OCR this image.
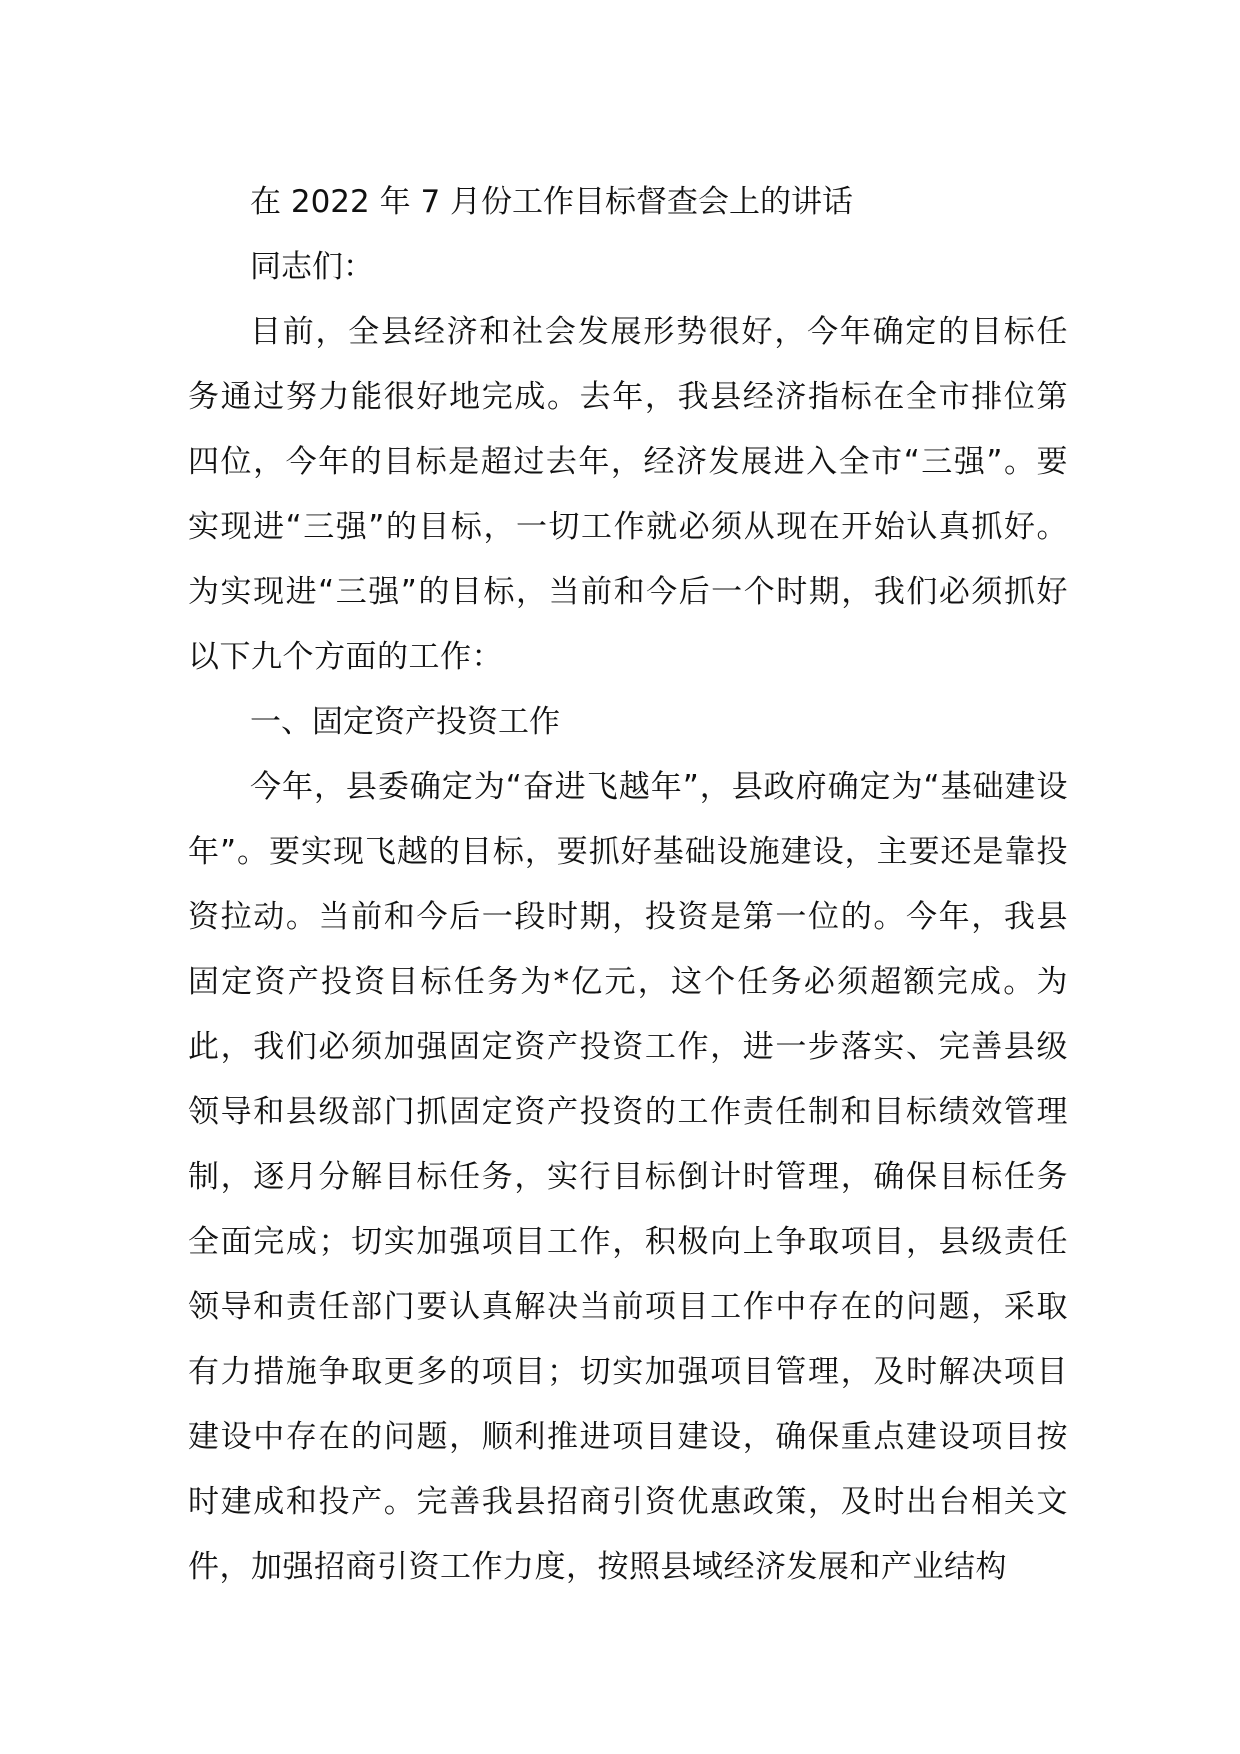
在 2022 年 7 月份工作目标督查会上的讲话
同志们：
目前，全县经济和社会发展形势很好，今年确定的目标任务通过努力能很好地完成。去年，我县经济指标在全市排位第四位，今年的目标是超过去年，经济发展进入全市“三强”。要实现进“三强”的目标，一切工作就必须从现在开始认真抓好。为实现进“三强”的目标，当前和今后一个时期，我们必须抓好以下九个方面的工作：
一、固定资产投资工作
今年，县委确定为“奋进飞越年”，县政府确定为“基础建设年”。要实现飞越的目标，要抓好基础设施建设，主要还是靠投资拉动。当前和今后一段时期，投资是第一位的。今年，我县固定资产投资目标任务为*亿元，这个任务必须超额完成。为此，我们必须加强固定资产投资工作，进一步落实、完善县级领导和县级部门抓固定资产投资的工作责任制和目标绩效管理制，逐月分解目标任务，实行目标倒计时管理，确保目标任务全面完成；切实加强项目工作，积极向上争取项目，县级责任领导和责任部门要认真解决当前项目工作中存在的问题，采取有力措施争取更多的项目；切实加强项目管理，及时解决项目建设中存在的问题，顺利推进项目建设，确保重点建设项目按时建成和投产。完善我县招商引资优惠政策，及时出台相关文件，加强招商引资工作力度，按照县域经济发展和产业结构
